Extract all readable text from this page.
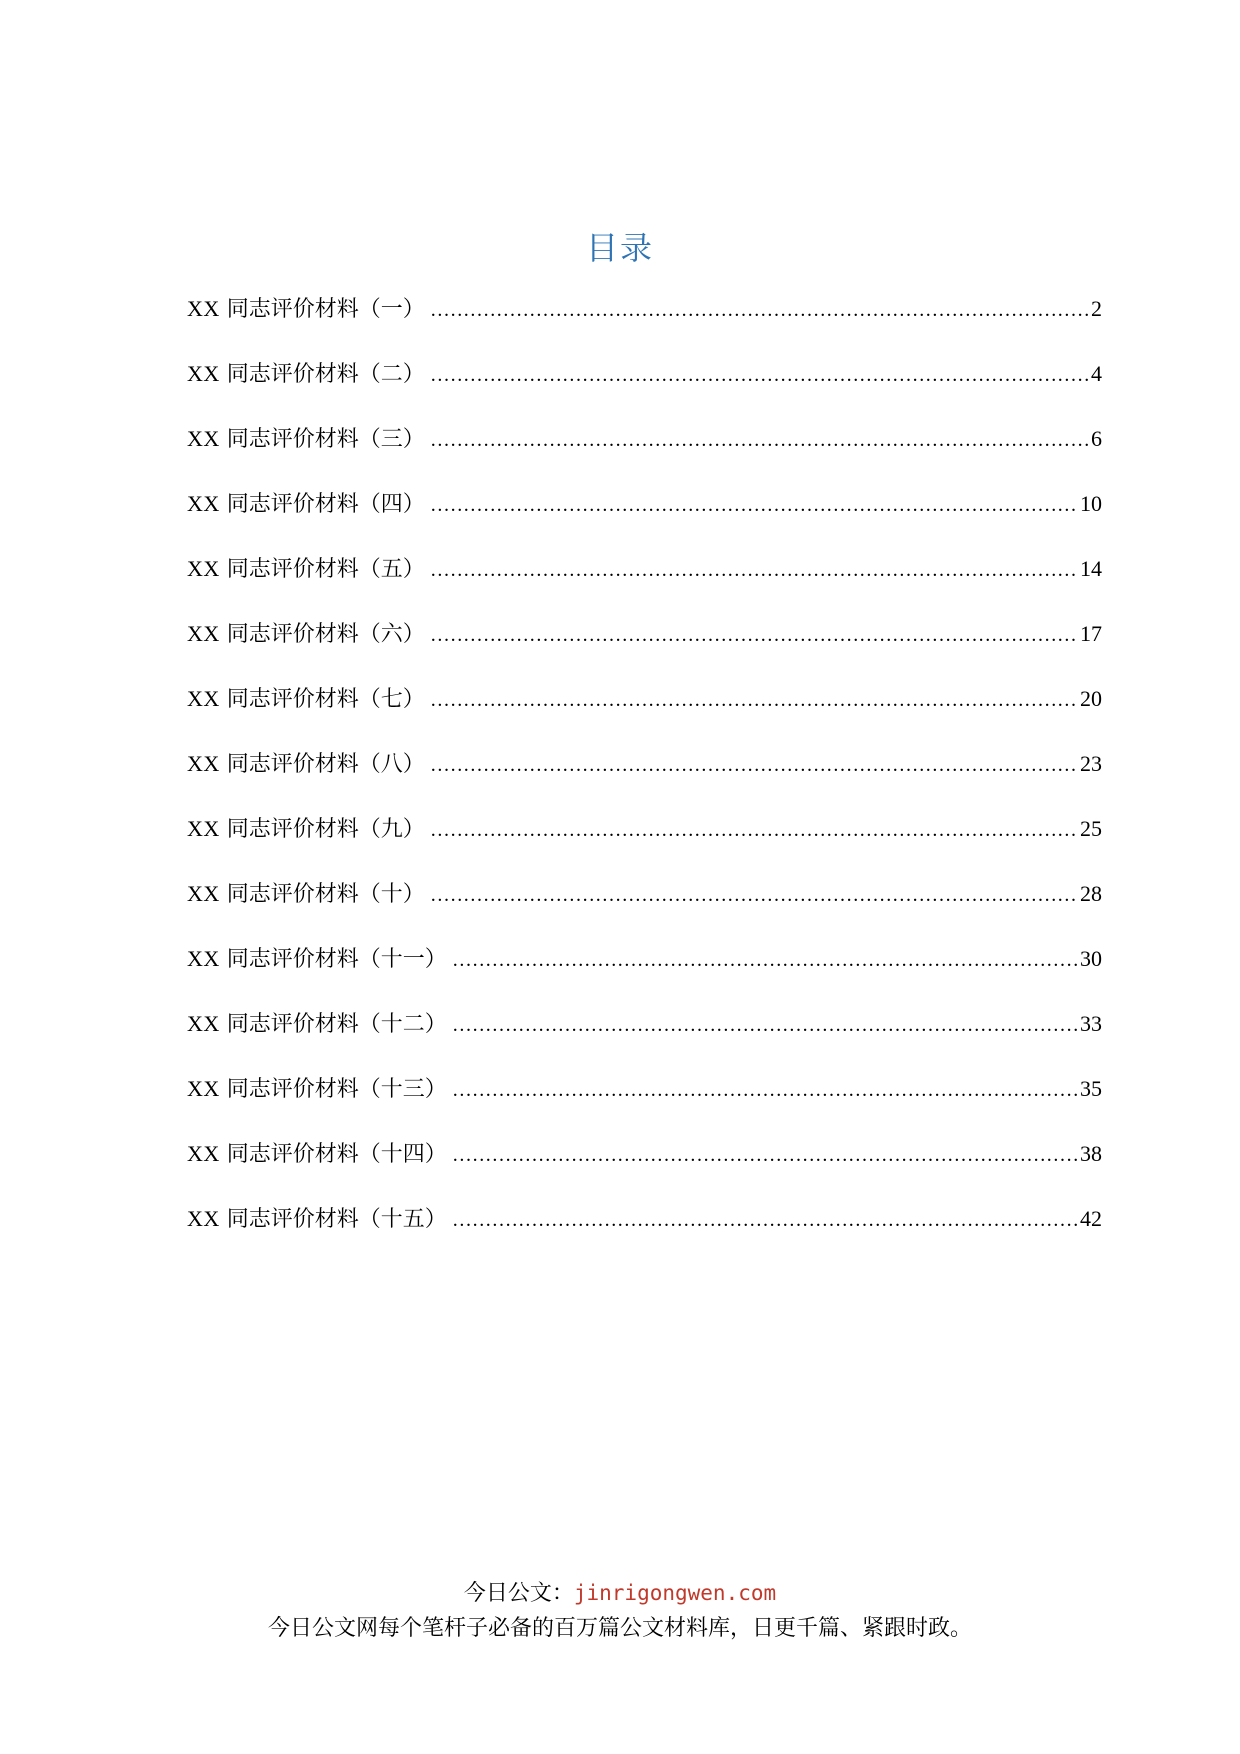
目录
XX 同志评价材料（一） .....	2
XX 同志评价材料（二） .....	4
XX 同志评价材料（三） .....	6
XX 同志评价材料（四） .....	10
XX 同志评价材料（五） .....	14
XX 同志评价材料（六） .....	17
XX 同志评价材料（七） .....	20
XX 同志评价材料（八） .....	23
XX 同志评价材料（九） .....	25
XX 同志评价材料（十） .....	28
XX 同志评价材料（十一） .....	30
XX 同志评价材料（十二） .....	33
XX 同志评价材料（十三） .....	35
XX 同志评价材料（十四） .....	38
XX 同志评价材料（十五） .....	42
今日公文：jinrigongwen.com
今日公文网每个笔杆子必备的百万篇公文材料库，日更千篇、紧跟时政。
